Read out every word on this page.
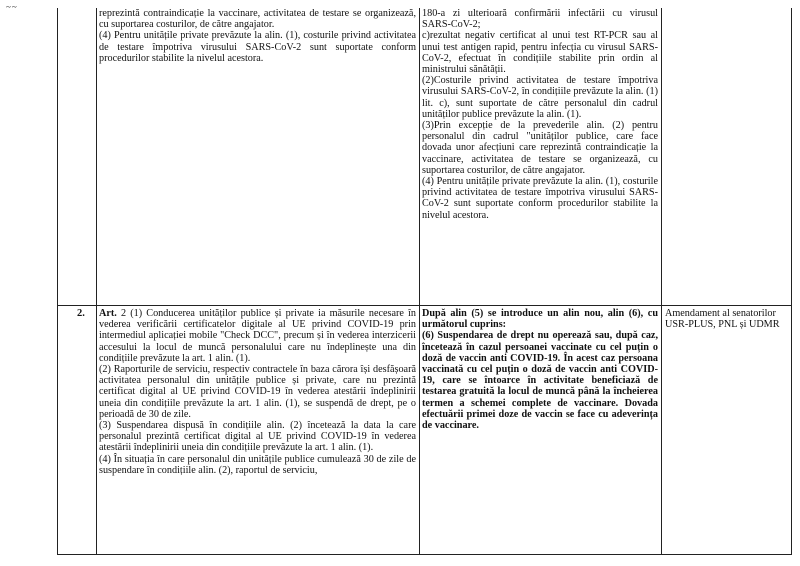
~~

reprezintă contraindicație la vaccinare, activitatea de testare se organizează, cu suportarea costurilor, de către angajator.

(4) Pentru unitățile private prevăzute la alin. (1), costurile privind activitatea de testare împotriva virusului SARS-CoV-2 sunt suportate conform procedurilor stabilite la nivelul acestora.

180-a zi ulterioară confirmării infectării cu virusul SARS-CoV-2;

c)rezultat negativ certificat al unui test RT-PCR sau al unui test antigen rapid, pentru infecția cu virusul SARS-CoV-2, efectuat în condițiile stabilite prin ordin al ministrului sănătății.

(2)Costurile privind activitatea de testare împotriva virusului SARS-CoV-2, în condițiile prevăzute la alin. (1) lit. c), sunt suportate de către personalul din cadrul unităților publice prevăzute la alin. (1).

(3)Prin excepție de la prevederile alin. (2) pentru personalul din cadrul "unităților publice, care face dovada unor afecțiuni care reprezintă contraindicație la vaccinare, activitatea de testare se organizează, cu suportarea costurilor, de către angajator.

(4) Pentru unitățile private prevăzute la alin. (1), costurile privind activitatea de testare împotriva virusului SARS-CoV-2 sunt suportate conform procedurilor stabilite la nivelul acestora.

2. Art. 2 (1) Conducerea unităților publice și private ia măsurile necesare în vederea verificării certificatelor digitale al UE privind COVID-19 prin intermediul aplicației mobile "Check DCC", precum și în vederea interzicerii accesului la locul de muncă personalului care nu îndeplinește una din condițiile prevăzute la art. 1 alin. (1).

(2) Raporturile de serviciu, respectiv contractele în baza cărora își desfășoară activitatea personalul din unitățile publice și private, care nu prezintă certificat digital al UE privind COVID-19 în vederea atestării îndeplinirii uneia din condițiile prevăzute la art. 1 alin. (1), se suspendă de drept, pe o perioadă de 30 de zile.

(3) Suspendarea dispusă în condițiile alin. (2) încetează la data la care personalul prezintă certificat digital al UE privind COVID-19 în vederea atestării îndeplinirii uneia din condițiile prevăzute la art. 1 alin. (1).

(4) În situația în care personalul din unitățile publice cumulează 30 de zile de suspendare în condițiile alin. (2), raportul de serviciu,

După alin (5) se introduce un alin nou, alin (6), cu următorul cuprins:

(6) Suspendarea de drept nu operează sau, după caz, încetează în cazul persoanei vaccinate cu cel puțin o doză de vaccin anti COVID-19. În acest caz persoana vaccinată cu cel puțin o doză de vaccin anti COVID-19, care se întoarce în activitate beneficiază de testarea gratuită la locul de muncă până la încheierea termen a schemei complete de vaccinare. Dovada efectuării primei doze de vaccin se face cu adeverința de vaccinare.

Amendament al senatorilor USR-PLUS, PNL și UDMR
